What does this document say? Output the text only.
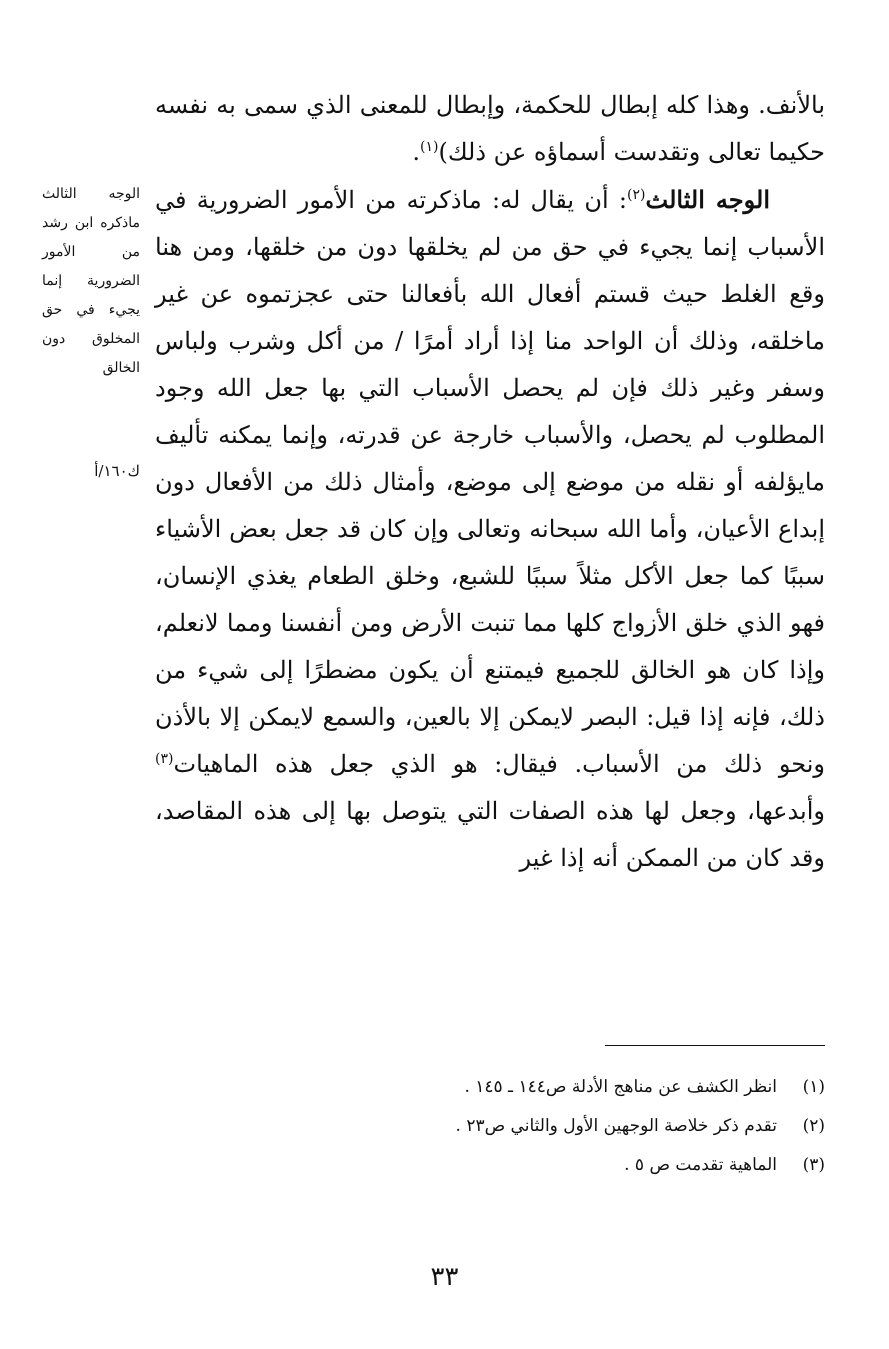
بالأنف. وهذا كله إبطال للحكمة، وإبطال للمعنى الذي سمى به نفسه حكيما تعالى وتقدست أسماؤه عن ذلك)$^{(١)}$.

الوجه الثالث$^{(٢)}$: أن يقال له: ماذكرته من الأمور الضرورية في الأسباب إنما يجيء في حق من لم يخلقها دون من خلقها، ومن هنا وقع الغلط حيث قستم أفعال الله بأفعالنا حتى عجزتموه عن غير ماخلقه، وذلك أن الواحد منا إذا أراد أمرًا / من أكل وشرب ولباس وسفر وغير ذلك فإن لم يحصل الأسباب التي بها جعل الله وجود المطلوب لم يحصل، والأسباب خارجة عن قدرته، وإنما يمكنه تأليف مايؤلفه أو نقله من موضع إلى موضع، وأمثال ذلك من الأفعال دون إبداع الأعيان، وأما الله سبحانه وتعالى وإن كان قد جعل بعض الأشياء سببًا كما جعل الأكل مثلاً سببًا للشبع، وخلق الطعام يغذي الإنسان، فهو الذي خلق الأزواج كلها مما تنبت الأرض ومن أنفسنا ومما لانعلم، وإذا كان هو الخالق للجميع فيمتنع أن يكون مضطرًا إلى شيء من ذلك، فإنه إذا قيل: البصر لايمكن إلا بالعين، والسمع لايمكن إلا بالأذن ونحو ذلك من الأسباب. فيقال: هو الذي جعل هذه الماهيات$^{(٣)}$ وأبدعها، وجعل لها هذه الصفات التي يتوصل بها إلى هذه المقاصد، وقد كان من الممكن أنه إذا غير

الوجه الثالث ماذكره ابن رشد من الأمور الضرورية إنما يجيء في حق المخلوق دون الخالق
ك١٦٠/أ
(١)انظر الكشف عن مناهج الأدلة ص١٤٤ ـ ١٤٥ .
(٢)تقدم ذكر خلاصة الوجهين الأول والثاني ص٢٣ .
(٣)الماهية تقدمت ص ٥ .
٣٣
